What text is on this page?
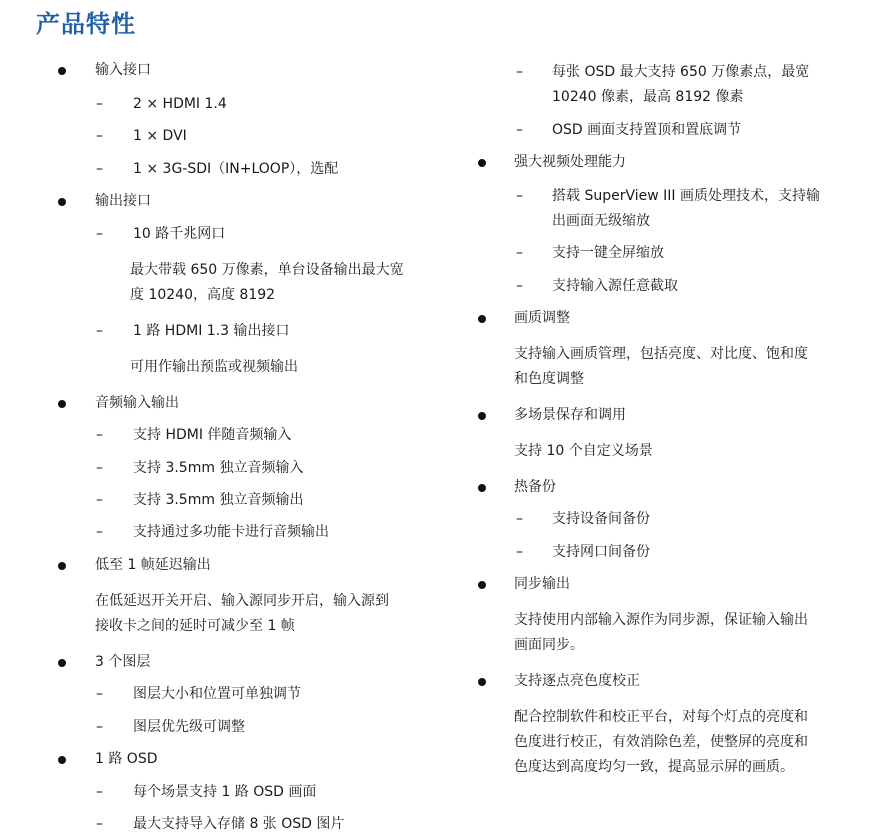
产品特性
输入接口
– 2 × HDMI 1.4
– 1 × DVI
– 1 × 3G-SDI（IN+LOOP），选配
输出接口
– 10 路千兆网口
最大带载 650 万像素，单台设备输出最大宽
度 10240，高度 8192
– 1 路 HDMI 1.3 输出接口
可用作输出预监或视频输出
音频输入输出
– 支持 HDMI 伴随音频输入
– 支持 3.5mm 独立音频输入
– 支持 3.5mm 独立音频输出
– 支持通过多功能卡进行音频输出
低至 1 帧延迟输出
在低延迟开关开启、输入源同步开启，输入源到
接收卡之间的延时可减少至 1 帧
3 个图层
– 图层大小和位置可单独调节
– 图层优先级可调整
1 路 OSD
– 每个场景支持 1 路 OSD 画面
– 最大支持导入存储 8 张 OSD 图片
– 每张 OSD 最大支持 650 万像素点，最宽
10240 像素，最高 8192 像素
– OSD 画面支持置顶和置底调节
强大视频处理能力
– 搭载 SuperView III 画质处理技术，支持输
出画面无级缩放
– 支持一键全屏缩放
– 支持输入源任意截取
画质调整
支持输入画质管理，包括亮度、对比度、饱和度
和色度调整
多场景保存和调用
支持 10 个自定义场景
热备份
– 支持设备间备份
– 支持网口间备份
同步输出
支持使用内部输入源作为同步源，保证输入输出
画面同步。
支持逐点亮色度校正
配合控制软件和校正平台，对每个灯点的亮度和
色度进行校正，有效消除色差，使整屏的亮度和
色度达到高度均匀一致，提高显示屏的画质。
